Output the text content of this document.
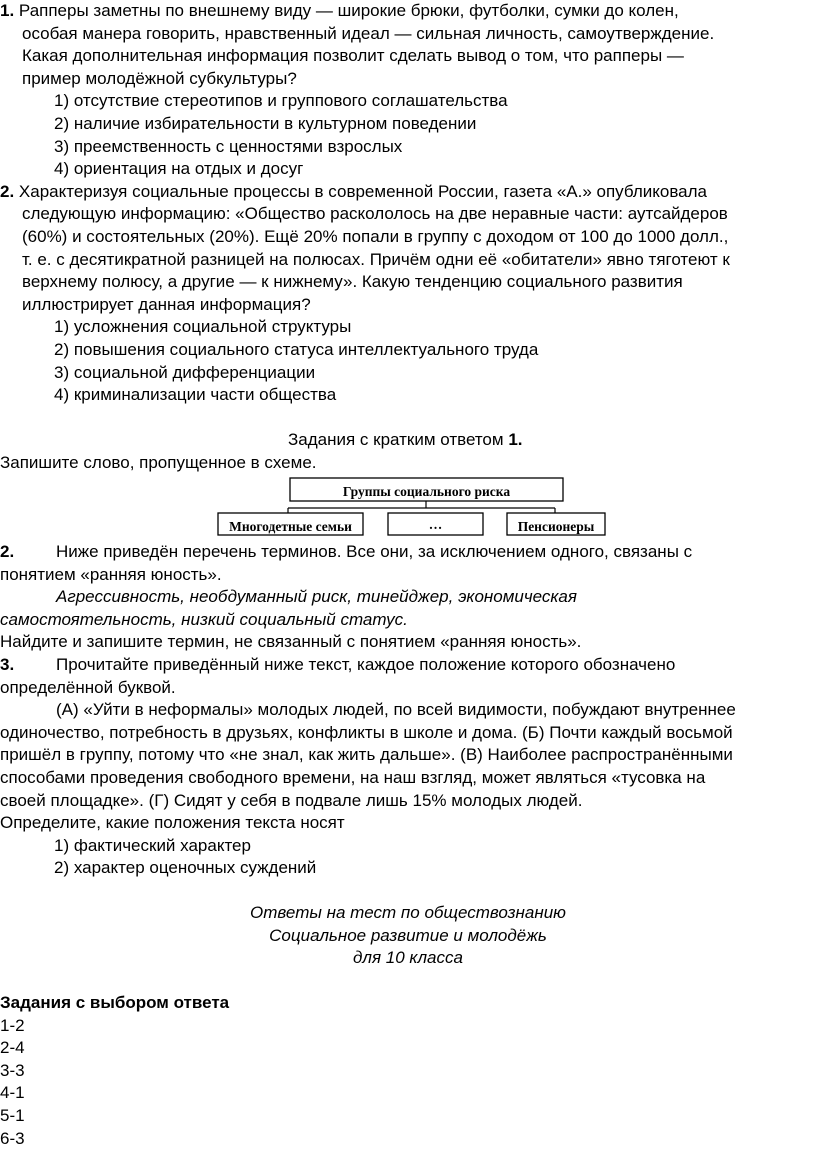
1. Рапперы заметны по внешнему виду — широкие брюки, футболки, сумки до колен,
особая манера говорить, нравственный идеал — сильная личность, самоутверждение.
Какая дополнительная информация позволит сделать вывод о том, что рапперы —
пример молодёжной субкультуры?
1) отсутствие стереотипов и группового соглашательства
2) наличие избирательности в культурном поведении
3) преемственность с ценностями взрослых
4) ориентация на отдых и досуг
2. Характеризуя социальные процессы в современной России, газета «А.» опубликовала
следующую информацию: «Общество раскололось на две неравные части: аутсайдеров
(60%) и состоятельных (20%). Ещё 20% попали в группу с доходом от 100 до 1000 долл.,
т. е. с десятикратной разницей на полюсах. Причём одни её «обитатели» явно тяготеют к
верхнему полюсу, а другие — к нижнему». Какую тенденцию социального развития
иллюстрирует данная информация?
1) усложнения социальной структуры
2) повышения социального статуса интеллектуального труда
3) социальной дифференциации
4) криминализации части общества
Задания с кратким ответом 1.
Запишите слово, пропущенное в схеме.
Группы социального риска
Многодетные семьи	…	Пенсионеры
2. Ниже приведён перечень терминов. Все они, за исключением одного, связаны с
понятием «ранняя юность».
Агрессивность, необдуманный риск, тинейджер, экономическая
самостоятельность, низкий социальный статус.
Найдите и запишите термин, не связанный с понятием «ранняя юность».
3. Прочитайте приведённый ниже текст, каждое положение которого обозначено
определённой буквой.
(А) «Уйти в неформалы» молодых людей, по всей видимости, побуждают внутреннее
одиночество, потребность в друзьях, конфликты в школе и дома. (Б) Почти каждый восьмой
пришёл в группу, потому что «не знал, как жить дальше». (В) Наиболее распространёнными
способами проведения свободного времени, на наш взгляд, может являться «тусовка на
своей площадке». (Г) Сидят у себя в подвале лишь 15% молодых людей.
Определите, какие положения текста носят
1) фактический характер
2) характер оценочных суждений
Ответы на тест по обществознанию
Социальное развитие и молодёжь
для 10 класса
Задания с выбором ответа
1-2
2-4
3-3
4-1
5-1
6-3
